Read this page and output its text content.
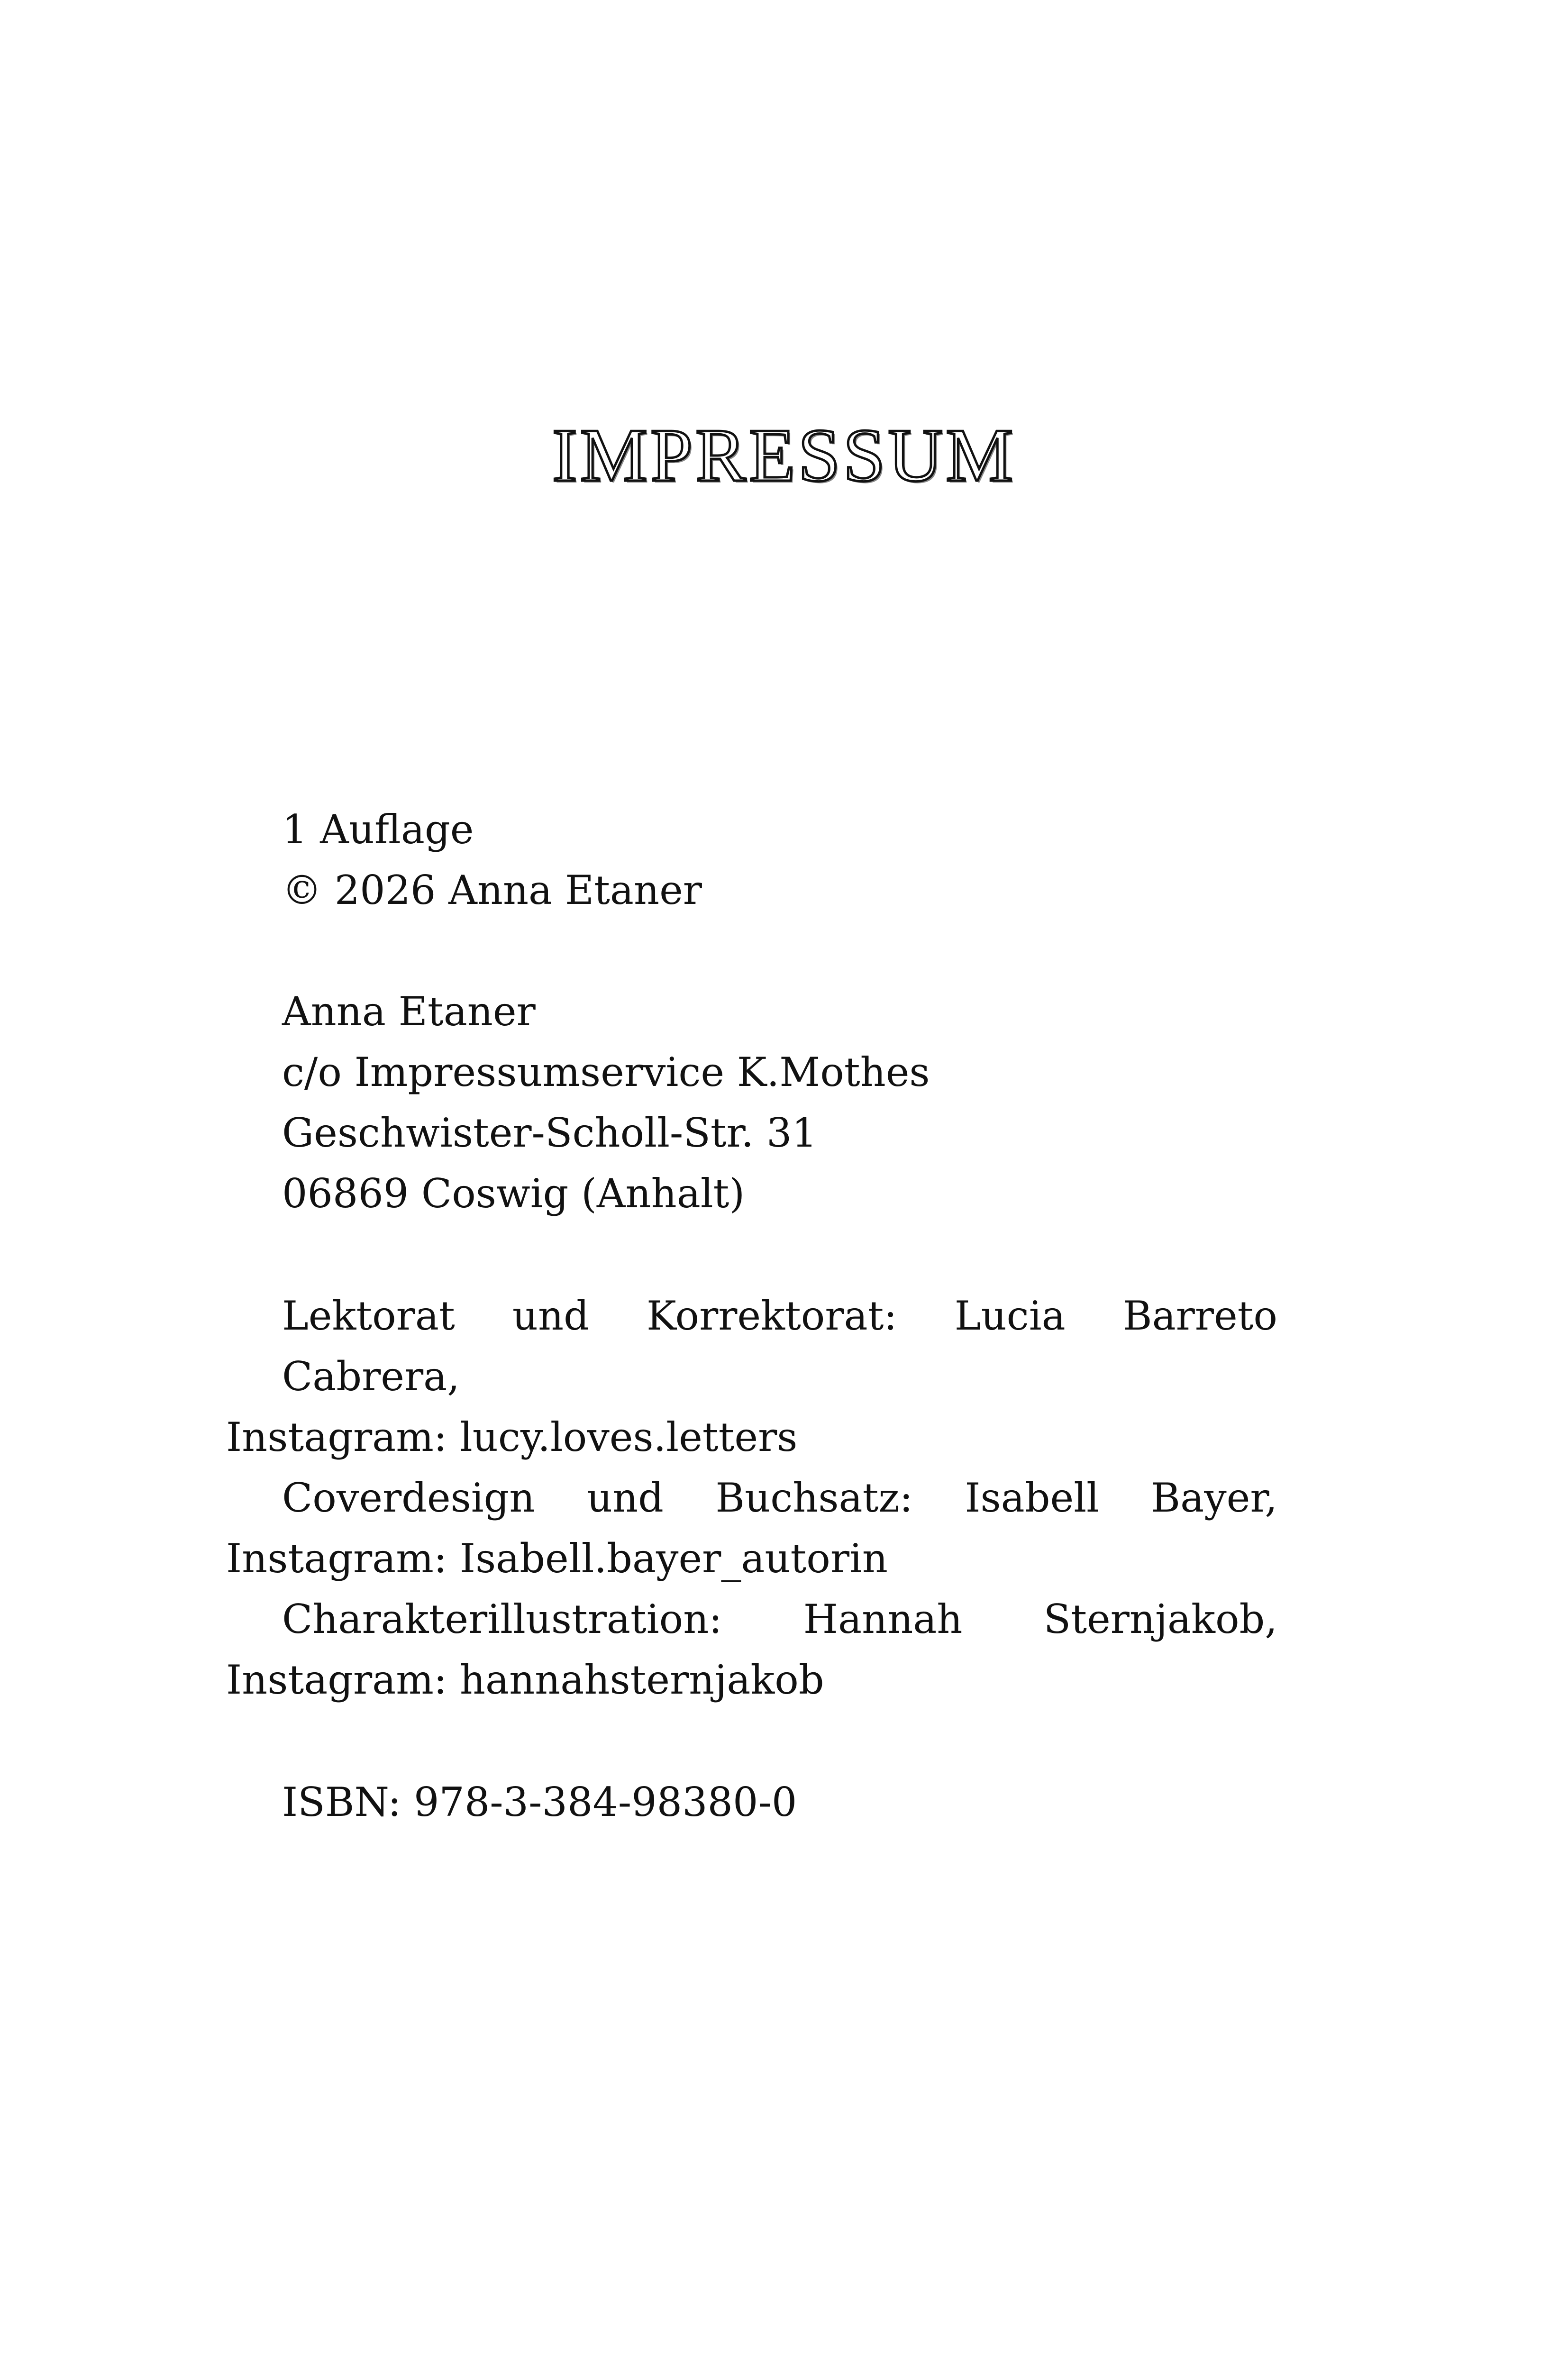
IMPRESSUM
1 Auflage
© 2026 Anna Etaner
Anna Etaner
c/o Impressumservice K.Mothes
Geschwister-Scholl-Str. 31
06869 Coswig (Anhalt)
Lektorat und Korrektorat: Lucia Barreto Cabrera,
Instagram: lucy.loves.letters
Coverdesign und Buchsatz: Isabell Bayer,
Instagram: Isabell.bayer_autorin
Charakterillustration: Hannah Sternjakob,
Instagram: hannahsternjakob
ISBN: 978-3-384-98380-0
